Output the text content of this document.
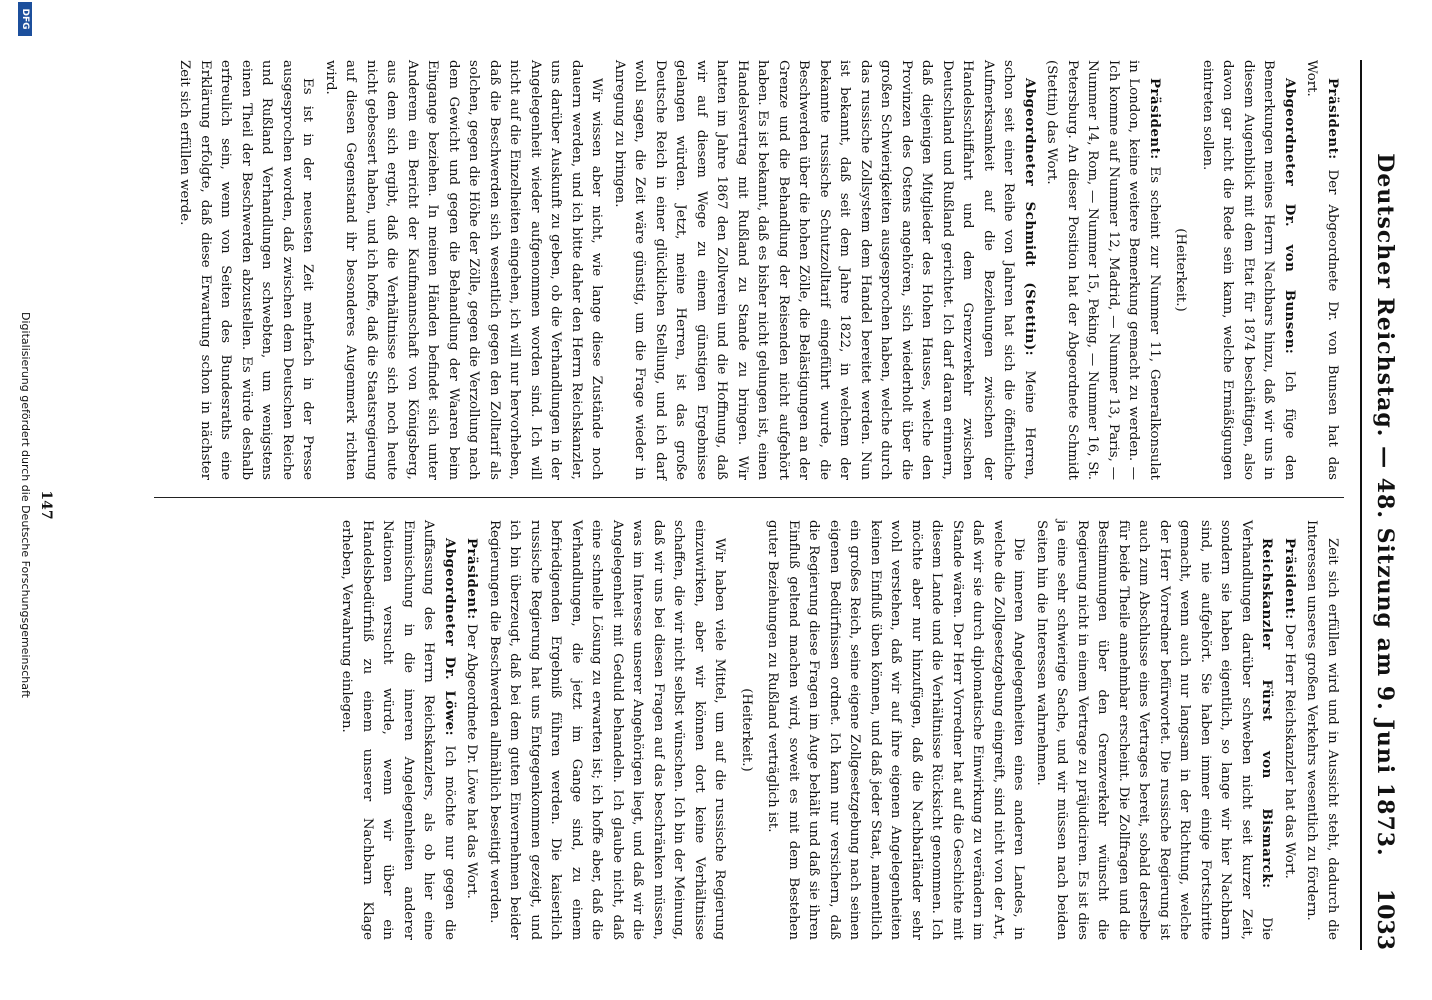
Deutscher Reichstag. — 48. Sitzung am 9. Juni 1873.
1033

Präsident: Der Abgeordnete Dr. von Bunsen hat das Wort.

Abgeordneter Dr. von Bunsen: Ich füge den Bemerkungen meines Herrn Nachbars hinzu, daß wir uns in diesem Augenblick mit dem Etat für 1874 beschäftigen, also davon gar nicht die Rede sein kann, welche Ermäßigungen eintreten sollen.

(Heiterkeit.)

Präsident: Es scheint zur Nummer 11, Generalkonsulat in London, keine weitere Bemerkung gemacht zu werden. — Ich komme auf Nummer 12, Madrid, — Nummer 13, Paris, — Nummer 14, Rom, — Nummer 15, Peking, — Nummer 16, St. Petersburg. An dieser Position hat der Abgeordnete Schmidt (Stettin) das Wort.

Abgeordneter Schmidt (Stettin): Meine Herren, schon seit einer Reihe von Jahren hat sich die öffentliche Aufmerksamkeit auf die Beziehungen zwischen der Handelsschiffahrt und dem Grenzverkehr zwischen Deutschland und Rußland gerichtet. Ich darf daran erinnern, daß diejenigen Mitglieder des Hohen Hauses, welche den Provinzen des Ostens angehören, sich wiederholt über die großen Schwierigkeiten ausgesprochen haben, welche durch das russische Zollsystem dem Handel bereitet werden. Nun ist bekannt, daß seit dem Jahre 1822, in welchem der bekannte russische Schutzzolltarif eingeführt wurde, die Beschwerden über die hohen Zölle, die Belästigungen an der Grenze und die Behandlung der Reisenden nicht aufgehört haben. Es ist bekannt, daß es bisher nicht gelungen ist, einen Handelsvertrag mit Rußland zu Stande zu bringen. Wir hatten im Jahre 1867 den Zollverein und die Hoffnung, daß wir auf diesem Wege zu einem günstigen Ergebnisse gelangen würden. Jetzt, meine Herren, ist das große Deutsche Reich in einer glücklichen Stellung, und ich darf wohl sagen, die Zeit wäre günstig, um die Frage wieder in Anregung zu bringen.

Wir wissen aber nicht, wie lange diese Zustände noch dauern werden, und ich bitte daher den Herrn Reichskanzler, uns darüber Auskunft zu geben, ob die Verhandlungen in der Angelegenheit wieder aufgenommen worden sind. Ich will nicht auf die Einzelheiten eingehen, ich will nur hervorheben, daß die Beschwerden sich wesentlich gegen den Zolltarif als solchen, gegen die Höhe der Zölle, gegen die Verzollung nach dem Gewicht und gegen die Behandlung der Waaren beim Eingange beziehen. In meinen Händen befindet sich unter Anderem ein Bericht der Kaufmannschaft von Königsberg, aus dem sich ergibt, daß die Verhältnisse sich noch heute nicht gebessert haben, und ich hoffe, daß die Staatsregierung auf diesen Gegenstand ihr besonderes Augenmerk richten wird.

Es ist in der neuesten Zeit mehrfach in der Presse ausgesprochen worden, daß zwischen dem Deutschen Reiche und Rußland Verhandlungen schwebten, um wenigstens einen Theil der Beschwerden abzustellen. Es würde deshalb erfreulich sein, wenn von Seiten des Bundesraths eine Erklärung erfolgte, daß diese Erwartung schon in nächster Zeit sich erfüllen werde.

Zeit sich erfüllen wird und in Aussicht steht, dadurch die Interessen unseres großen Verkehrs wesentlich zu fördern.

Präsident: Der Herr Reichskanzler hat das Wort.

Reichskanzler Fürst von Bismarck: Die Verhandlungen darüber schweben nicht seit kurzer Zeit, sondern sie haben eigentlich, so lange wir hier Nachbarn sind, nie aufgehört. Sie haben immer einige Fortschritte gemacht, wenn auch nur langsam in der Richtung, welche der Herr Vorredner befürwortet. Die russische Regierung ist auch zum Abschlusse eines Vertrages bereit, sobald derselbe für beide Theile annehmbar erscheint. Die Zollfragen und die Bestimmungen über den Grenzverkehr wünscht die Regierung nicht in einem Vertrage zu präjudiciren. Es ist dies ja eine sehr schwierige Sache, und wir müssen nach beiden Seiten hin die Interessen wahrnehmen.

Die inneren Angelegenheiten eines anderen Landes, in welche die Zollgesetzgebung eingreift, sind nicht von der Art, daß wir sie durch diplomatische Einwirkung zu verändern im Stande wären. Der Herr Vorredner hat auf die Geschichte mit diesem Lande und die Verhältnisse Rücksicht genommen. Ich möchte aber nur hinzufügen, daß die Nachbarländer sehr wohl verstehen, daß wir auf ihre eigenen Angelegenheiten keinen Einfluß üben können, und daß jeder Staat, namentlich ein großes Reich, seine eigene Zollgesetzgebung nach seinen eigenen Bedürfnissen ordnet. Ich kann nur versichern, daß die Regierung diese Fragen im Auge behält und daß sie ihren Einfluß geltend machen wird, soweit es mit dem Bestehen guter Beziehungen zu Rußland verträglich ist.

(Heiterkeit.)

Wir haben viele Mittel, um auf die russische Regierung einzuwirken, aber wir können dort keine Verhältnisse schaffen, die wir nicht selbst wünschen. Ich bin der Meinung, daß wir uns bei diesen Fragen auf das beschränken müssen, was im Interesse unserer Angehörigen liegt, und daß wir die Angelegenheit mit Geduld behandeln. Ich glaube nicht, daß eine schnelle Lösung zu erwarten ist; ich hoffe aber, daß die Verhandlungen, die jetzt im Gange sind, zu einem befriedigenden Ergebniß führen werden. Die kaiserlich russische Regierung hat uns Entgegenkommen gezeigt, und ich bin überzeugt, daß bei dem guten Einvernehmen beider Regierungen die Beschwerden allmählich beseitigt werden.

Präsident: Der Abgeordnete Dr. Löwe hat das Wort.

Abgeordneter Dr. Löwe: Ich möchte nur gegen die Auffassung des Herrn Reichskanzlers, als ob hier eine Einmischung in die inneren Angelegenheiten anderer Nationen versucht würde, wenn wir über ein Handelsbedürfniß zu einem unserer Nachbarn Klage erheben, Verwahrung einlegen.

147
Digitalisierung gefördert durch die Deutsche Forschungsgemeinschaft
DFG
